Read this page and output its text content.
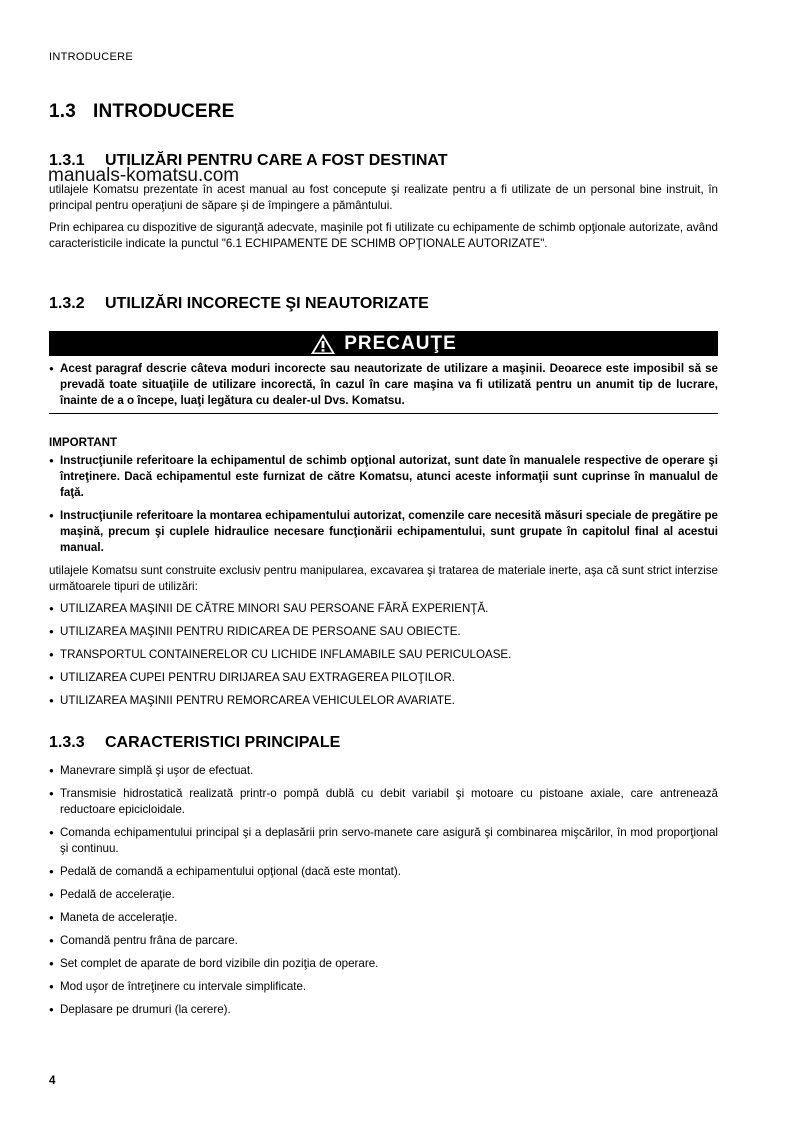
INTRODUCERE
1.3 INTRODUCERE
1.3.1 UTILIZĂRI PENTRU CARE A FOST DESTINAT
utilajele Komatsu prezentate în acest manual au fost concepute şi realizate pentru a fi utilizate de un personal bine instruit, în principal pentru operaţiuni de săpare şi de împingere a pământului.
Prin echiparea cu dispozitive de siguranţă adecvate, maşinile pot fi utilizate cu echipamente de schimb opţionale autorizate, având caracteristicile indicate la punctul "6.1 ECHIPAMENTE DE SCHIMB OPŢIONALE AUTORIZATE".
1.3.2 UTILIZĂRI INCORECTE ŞI NEAUTORIZATE
PRECAUŢE
● Acest paragraf descrie câteva moduri incorecte sau neautorizate de utilizare a maşinii. Deoarece este imposibil să se prevadă toate situaţiile de utilizare incorectă, în cazul în care maşina va fi utilizată pentru un anumit tip de lucrare, înainte de a o începe, luaţi legătura cu dealer-ul Dvs. Komatsu.
IMPORTANT
● Instrucţiunile referitoare la echipamentul de schimb opţional autorizat, sunt date în manualele respective de operare şi întreţinere. Dacă echipamentul este furnizat de către Komatsu, atunci aceste informaţii sunt cuprinse în manualul de faţă.
● Instrucţiunile referitoare la montarea echipamentului autorizat, comenzile care necesită măsuri speciale de pregătire pe maşină, precum şi cuplele hidraulice necesare funcţionării echipamentului, sunt grupate în capitolul final al acestui manual.
utilajele Komatsu sunt construite exclusiv pentru manipularea, excavarea şi tratarea de materiale inerte, aşa că sunt strict interzise următoarele tipuri de utilizări:
● UTILIZAREA MAŞINII DE CĂTRE MINORI SAU PERSOANE FĂRĂ EXPERIENŢĂ.
● UTILIZAREA MAŞINII PENTRU RIDICAREA DE PERSOANE SAU OBIECTE.
● TRANSPORTUL CONTAINERELOR CU LICHIDE INFLAMABILE SAU PERICULOASE.
● UTILIZAREA CUPEI PENTRU DIRIJAREA SAU EXTRAGEREA PILOŢILOR.
● UTILIZAREA MAŞINII PENTRU REMORCAREA VEHICULELOR AVARIATE.
1.3.3 CARACTERISTICI PRINCIPALE
● Manevrare simplă şi uşor de efectuat.
● Transmisie hidrostatică realizată printr-o pompă dublă cu debit variabil şi motoare cu pistoane axiale, care antrenează reductoare epicicloidale.
● Comanda echipamentului principal şi a deplasării prin servo-manete care asigură şi combinarea mişcărilor, în mod proporţional şi continuu.
● Pedală de comandă a echipamentului opţional (dacă este montat).
● Pedală de acceleraţie.
● Maneta de acceleraţie.
● Comandă pentru frâna de parcare.
● Set complet de aparate de bord vizibile din poziţia de operare.
● Mod uşor de întreţinere cu intervale simplificate.
● Deplasare pe drumuri (la cerere).
4
manuals-komatsu.com
